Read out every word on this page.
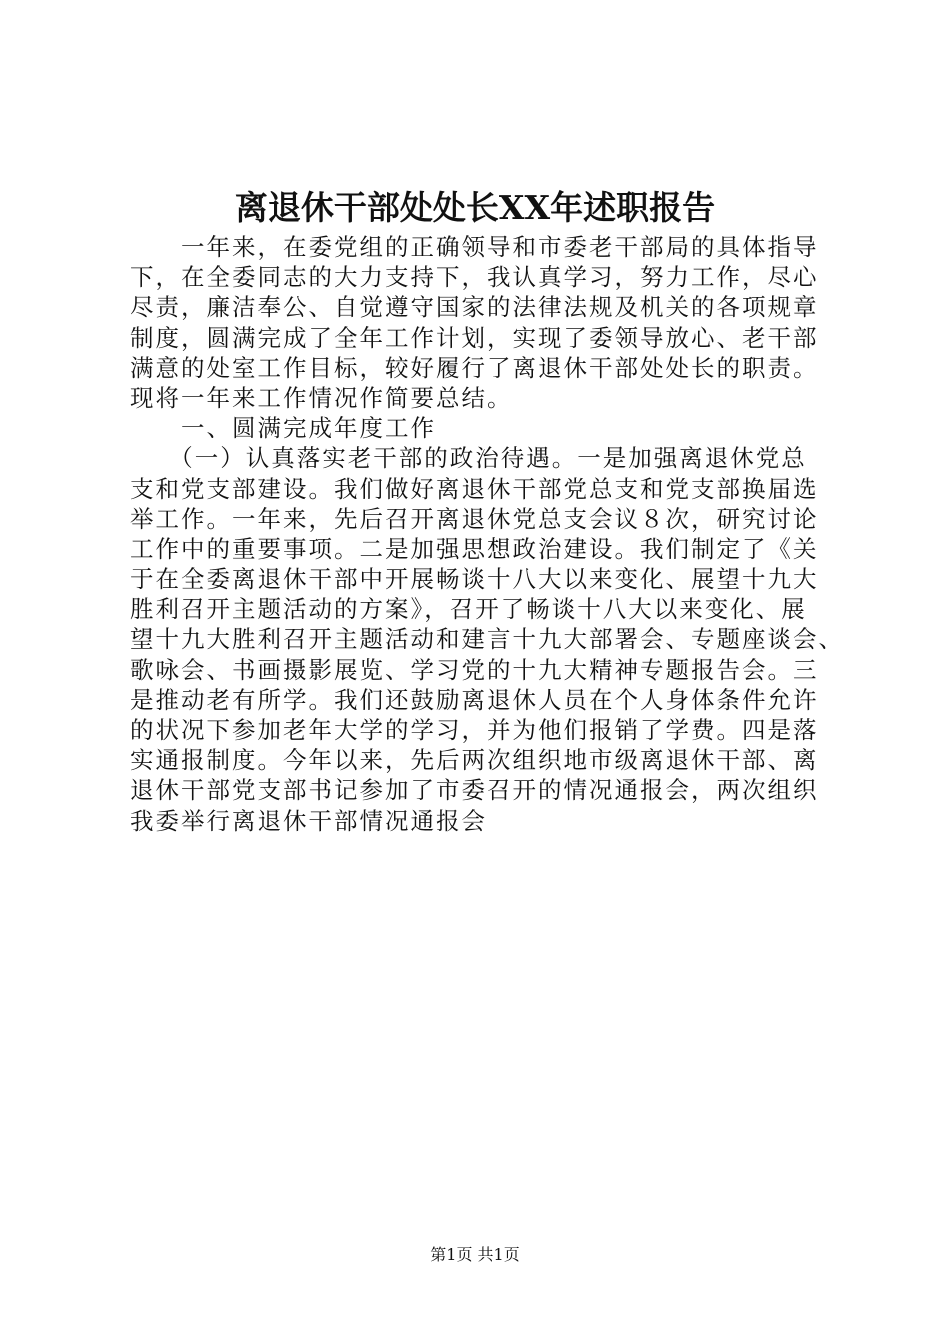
离退休干部处处长XX年述职报告
　　一年来，在委党组的正确领导和市委老干部局的具体指导
下，在全委同志的大力支持下，我认真学习，努力工作，尽心
尽责，廉洁奉公、自觉遵守国家的法律法规及机关的各项规章
制度，圆满完成了全年工作计划，实现了委领导放心、老干部
满意的处室工作目标，较好履行了离退休干部处处长的职责。
现将一年来工作情况作简要总结。
　　一、圆满完成年度工作
　　（一）认真落实老干部的政治待遇。一是加强离退休党总
支和党支部建设。我们做好离退休干部党总支和党支部换届选
举工作。一年来，先后召开离退休党总支会议８次，研究讨论
工作中的重要事项。二是加强思想政治建设。我们制定了《关
于在全委离退休干部中开展畅谈十八大以来变化、展望十九大
胜利召开主题活动的方案》，召开了畅谈十八大以来变化、展
望十九大胜利召开主题活动和建言十九大部署会、专题座谈会、
歌咏会、书画摄影展览、学习党的十九大精神专题报告会。三
是推动老有所学。我们还鼓励离退休人员在个人身体条件允许
的状况下参加老年大学的学习，并为他们报销了学费。四是落
实通报制度。今年以来，先后两次组织地市级离退休干部、离
退休干部党支部书记参加了市委召开的情况通报会，两次组织
我委举行离退休干部情况通报会
第1页 共1页
